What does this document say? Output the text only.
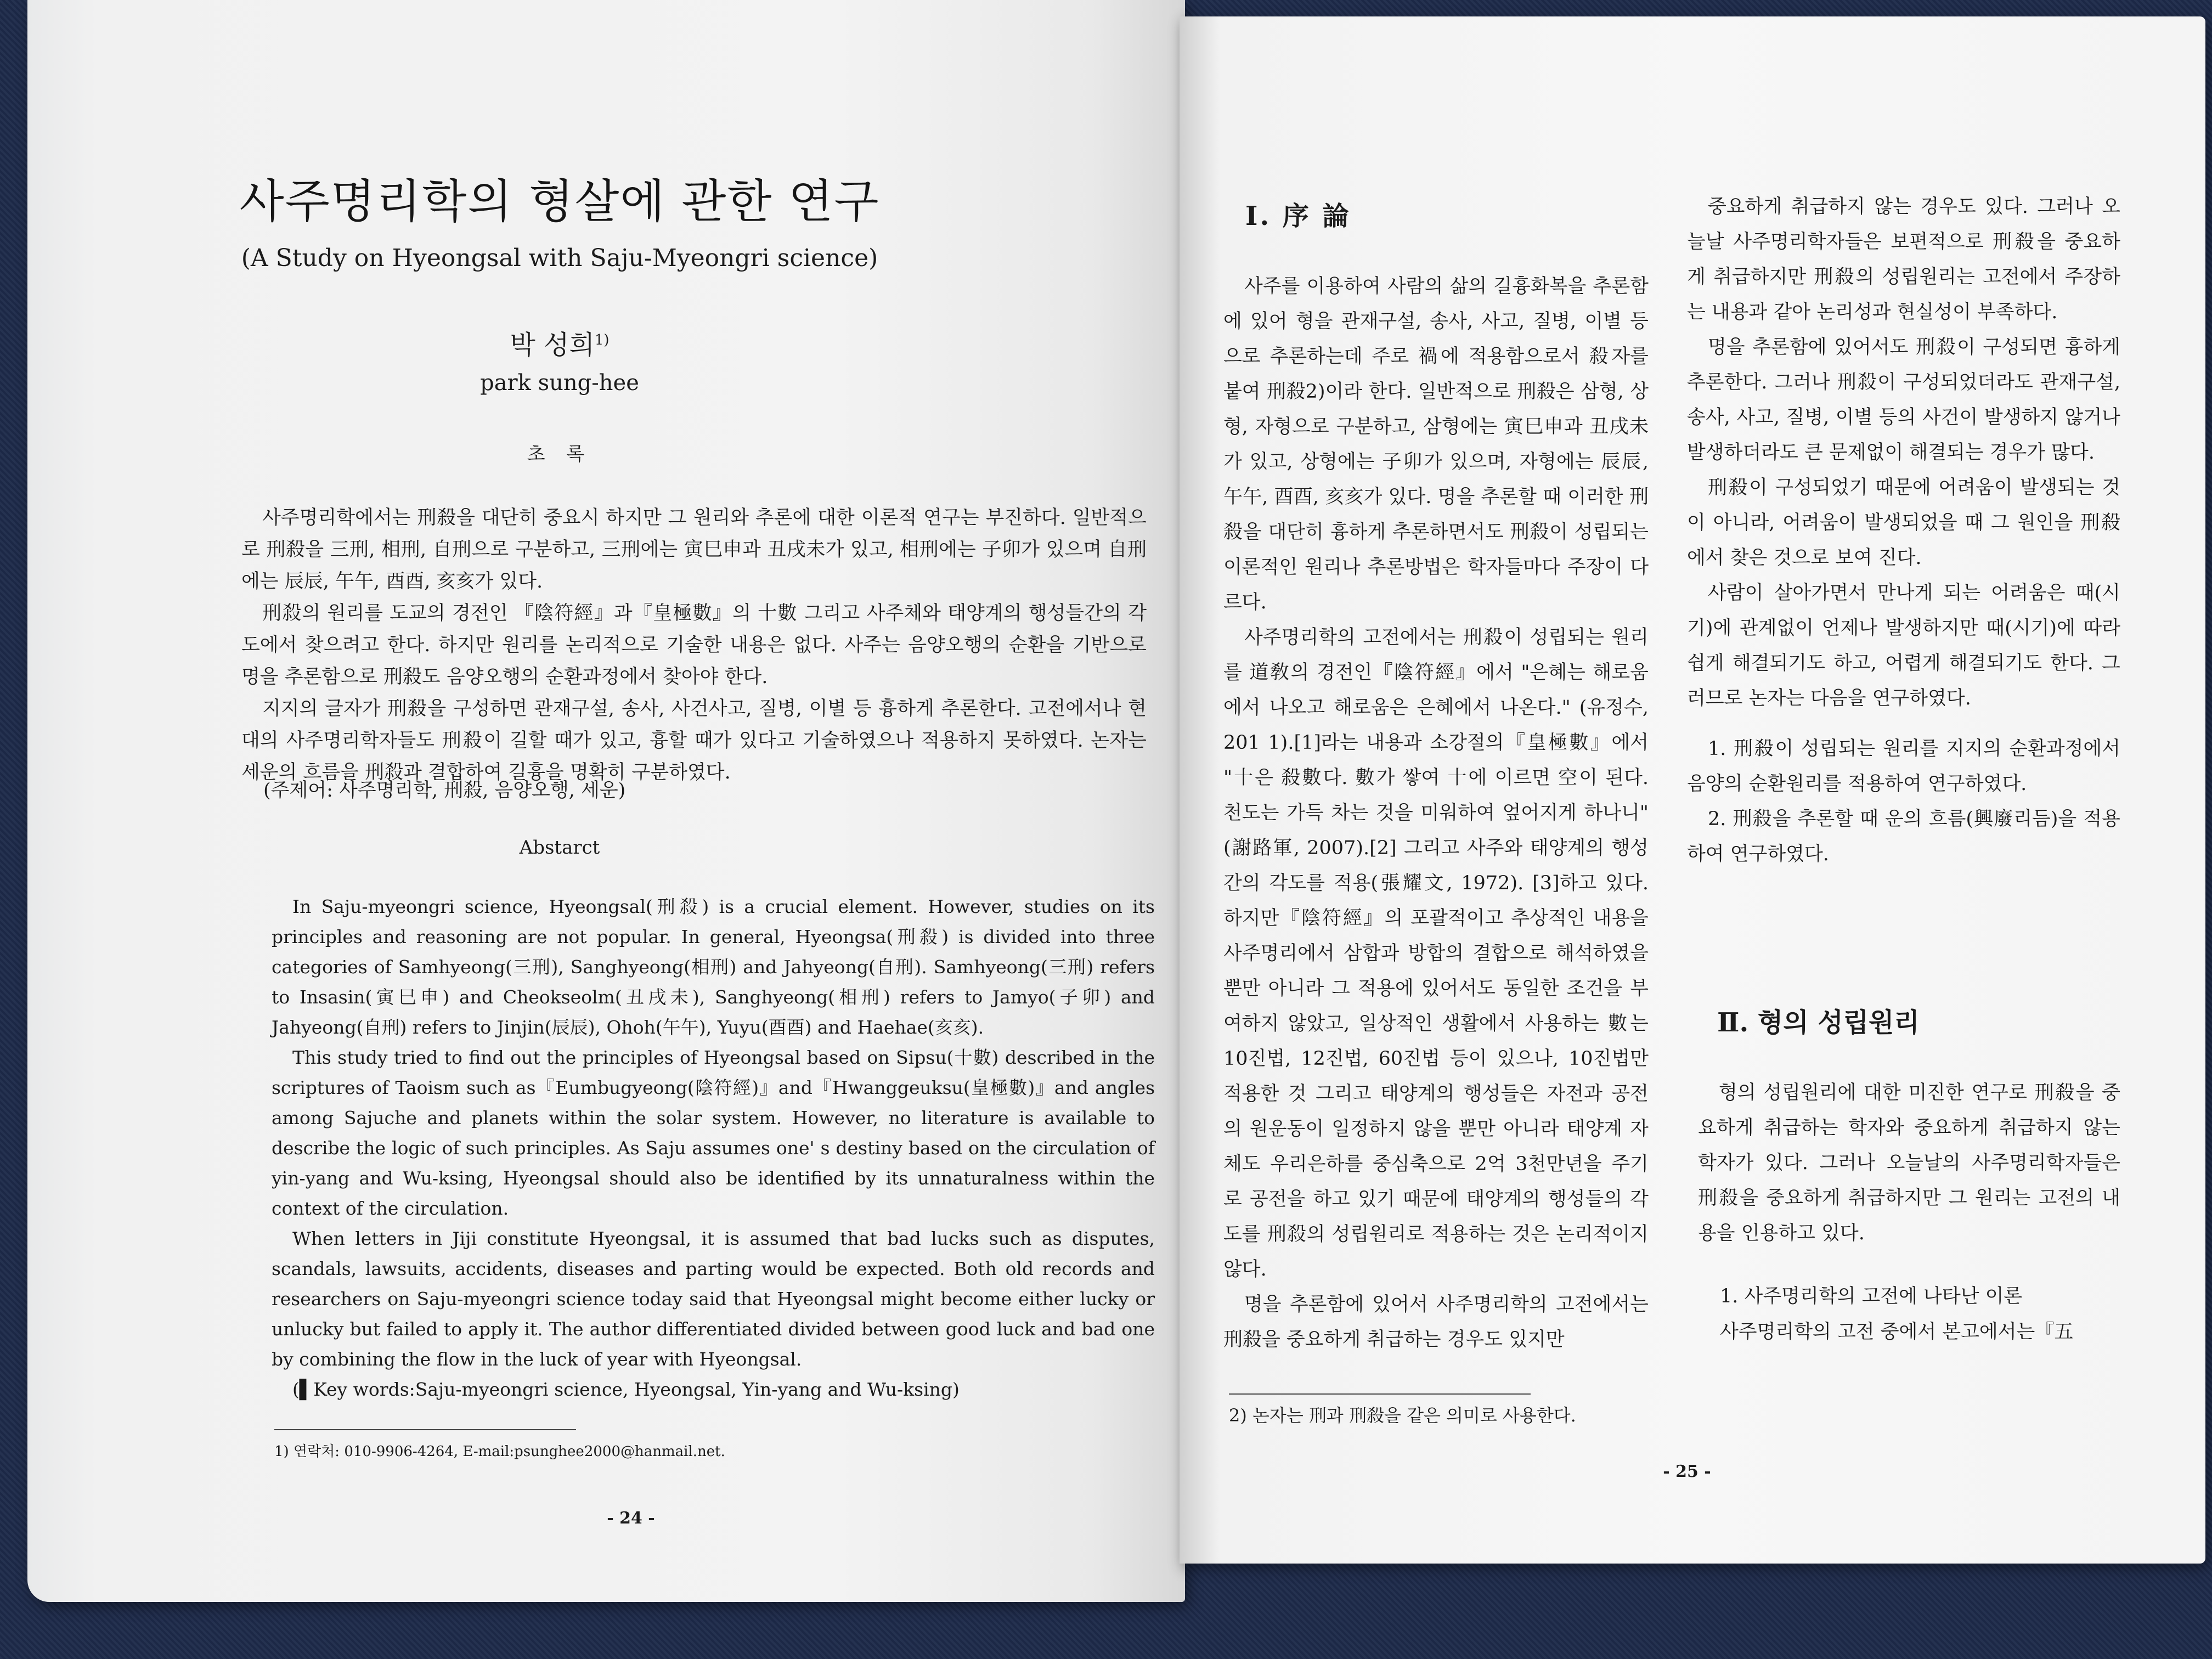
사주명리학의 형살에 관한 연구
(A Study on Hyeongsal with Saju-Myeongri science)
박 성희$^{1)}$
park sung-hee
초 록

사주명리학에서는 刑殺을 대단히 중요시 하지만 그 원리와 추론에 대한 이론적 연구는 부진하다. 일반적으로 刑殺을 三刑, 相刑, 自刑으로 구분하고, 三刑에는 寅巳申과 丑戌未가 있고, 相刑에는 子卯가 있으며 自刑에는 辰辰, 午午, 酉酉, 亥亥가 있다.

刑殺의 원리를 도교의 경전인 『陰符經』과『皇極數』의 十數 그리고 사주체와 태양계의 행성들간의 각도에서 찾으려고 한다. 하지만 원리를 논리적으로 기술한 내용은 없다. 사주는 음양오행의 순환을 기반으로 명을 추론함으로 刑殺도 음양오행의 순환과정에서 찾아야 한다.

지지의 글자가 刑殺을 구성하면 관재구설, 송사, 사건사고, 질병, 이별 등 흉하게 추론한다. 고전에서나 현대의 사주명리학자들도 刑殺이 길할 때가 있고, 흉할 때가 있다고 기술하였으나 적용하지 못하였다. 논자는 세운의 흐름을 刑殺과 결합하여 길흉을 명확히 구분하였다.

(주제어: 사주명리학, 刑殺, 음양오행, 세운)
Abstarct

In Saju-myeongri science, Hyeongsal(刑殺) is a crucial element. However, studies on its principles and reasoning are not popular. In general, Hyeongsa(刑殺) is divided into three categories of Samhyeong(三刑), Sanghyeong(相刑) and Jahyeong(自刑). Samhyeong(三刑) refers to Insasin(寅巳申) and Cheokseolm(丑戌未), Sanghyeong(相刑) refers to Jamyo(子卯) and Jahyeong(自刑) refers to Jinjin(辰辰), Ohoh(午午), Yuyu(酉酉) and Haehae(亥亥).

This study tried to find out the principles of Hyeongsal based on Sipsu(十數) described in the scriptures of Taoism such as『Eumbugyeong(陰符經)』and『Hwanggeuksu(皇極數)』and angles among Sajuche and planets within the solar system. However, no literature is available to describe the logic of such principles. As Saju assumes one' s destiny based on the circulation of yin-yang and Wu-ksing, Hyeongsal should also be identified by its unnaturalness within the context of the circulation.

When letters in Jiji constitute Hyeongsal, it is assumed that bad lucks such as disputes, scandals, lawsuits, accidents, diseases and parting would be expected. Both old records and researchers on Saju-myeongri science today said that Hyeongsal might become either lucky or unlucky but failed to apply it. The author differentiated divided between good luck and bad one by combining the flow in the luck of year with Hyeongsal.

(▌Key words:Saju-myeongri science, Hyeongsal, Yin-yang and Wu-ksing)

1) 연락처: 010-9906-4264, E-mail:psunghee2000@hanmail.net.
- 24 -
Ⅰ. 序 論

사주를 이용하여 사람의 삶의 길흉화복을 추론함에 있어 형을 관재구설, 송사, 사고, 질병, 이별 등으로 추론하는데 주로 禍에 적용함으로서 殺자를 붙여 刑殺2)이라 한다. 일반적으로 刑殺은 삼형, 상형, 자형으로 구분하고, 삼형에는 寅巳申과 丑戌未가 있고, 상형에는 子卯가 있으며, 자형에는 辰辰, 午午, 酉酉, 亥亥가 있다. 명을 추론할 때 이러한 刑殺을 대단히 흉하게 추론하면서도 刑殺이 성립되는 이론적인 원리나 추론방법은 학자들마다 주장이 다르다.

사주명리학의 고전에서는 刑殺이 성립되는 원리를 道敎의 경전인『陰符經』에서 "은혜는 해로움에서 나오고 해로움은 은혜에서 나온다." (유정수, 201 1).[1]라는 내용과 소강절의『皇極數』에서 "十은 殺數다. 數가 쌓여 十에 이르면 空이 된다. 천도는 가득 차는 것을 미워하여 엎어지게 하나니" (謝路軍, 2007).[2] 그리고 사주와 태양계의 행성간의 각도를 적용(張耀文, 1972). [3]하고 있다. 하지만『陰符經』의 포괄적이고 추상적인 내용을 사주명리에서 삼합과 방합의 결합으로 해석하였을 뿐만 아니라 그 적용에 있어서도 동일한 조건을 부여하지 않았고, 일상적인 생활에서 사용하는 數는 10진법, 12진법, 60진법 등이 있으나, 10진법만 적용한 것 그리고 태양계의 행성들은 자전과 공전의 원운동이 일정하지 않을 뿐만 아니라 태양계 자체도 우리은하를 중심축으로 2억 3천만년을 주기로 공전을 하고 있기 때문에 태양계의 행성들의 각도를 刑殺의 성립원리로 적용하는 것은 논리적이지 않다.

명을 추론함에 있어서 사주명리학의 고전에서는 刑殺을 중요하게 취급하는 경우도 있지만

2) 논자는 刑과 刑殺을 같은 의미로 사용한다.

중요하게 취급하지 않는 경우도 있다. 그러나 오늘날 사주명리학자들은 보편적으로 刑殺을 중요하게 취급하지만 刑殺의 성립원리는 고전에서 주장하는 내용과 같아 논리성과 현실성이 부족하다.

명을 추론함에 있어서도 刑殺이 구성되면 흉하게 추론한다. 그러나 刑殺이 구성되었더라도 관재구설, 송사, 사고, 질병, 이별 등의 사건이 발생하지 않거나 발생하더라도 큰 문제없이 해결되는 경우가 많다.

刑殺이 구성되었기 때문에 어려움이 발생되는 것이 아니라, 어려움이 발생되었을 때 그 원인을 刑殺에서 찾은 것으로 보여 진다.

사람이 살아가면서 만나게 되는 어려움은 때(시기)에 관계없이 언제나 발생하지만 때(시기)에 따라 쉽게 해결되기도 하고, 어렵게 해결되기도 한다. 그러므로 논자는 다음을 연구하였다.

1. 刑殺이 성립되는 원리를 지지의 순환과정에서 음양의 순환원리를 적용하여 연구하였다.

2. 刑殺을 추론할 때 운의 흐름(興廢리듬)을 적용하여 연구하였다.

Ⅱ. 형의 성립원리

형의 성립원리에 대한 미진한 연구로 刑殺을 중요하게 취급하는 학자와 중요하게 취급하지 않는 학자가 있다. 그러나 오늘날의 사주명리학자들은 刑殺을 중요하게 취급하지만 그 원리는 고전의 내용을 인용하고 있다.

1. 사주명리학의 고전에 나타난 이론
사주명리학의 고전 중에서 본고에서는『五
- 25 -
